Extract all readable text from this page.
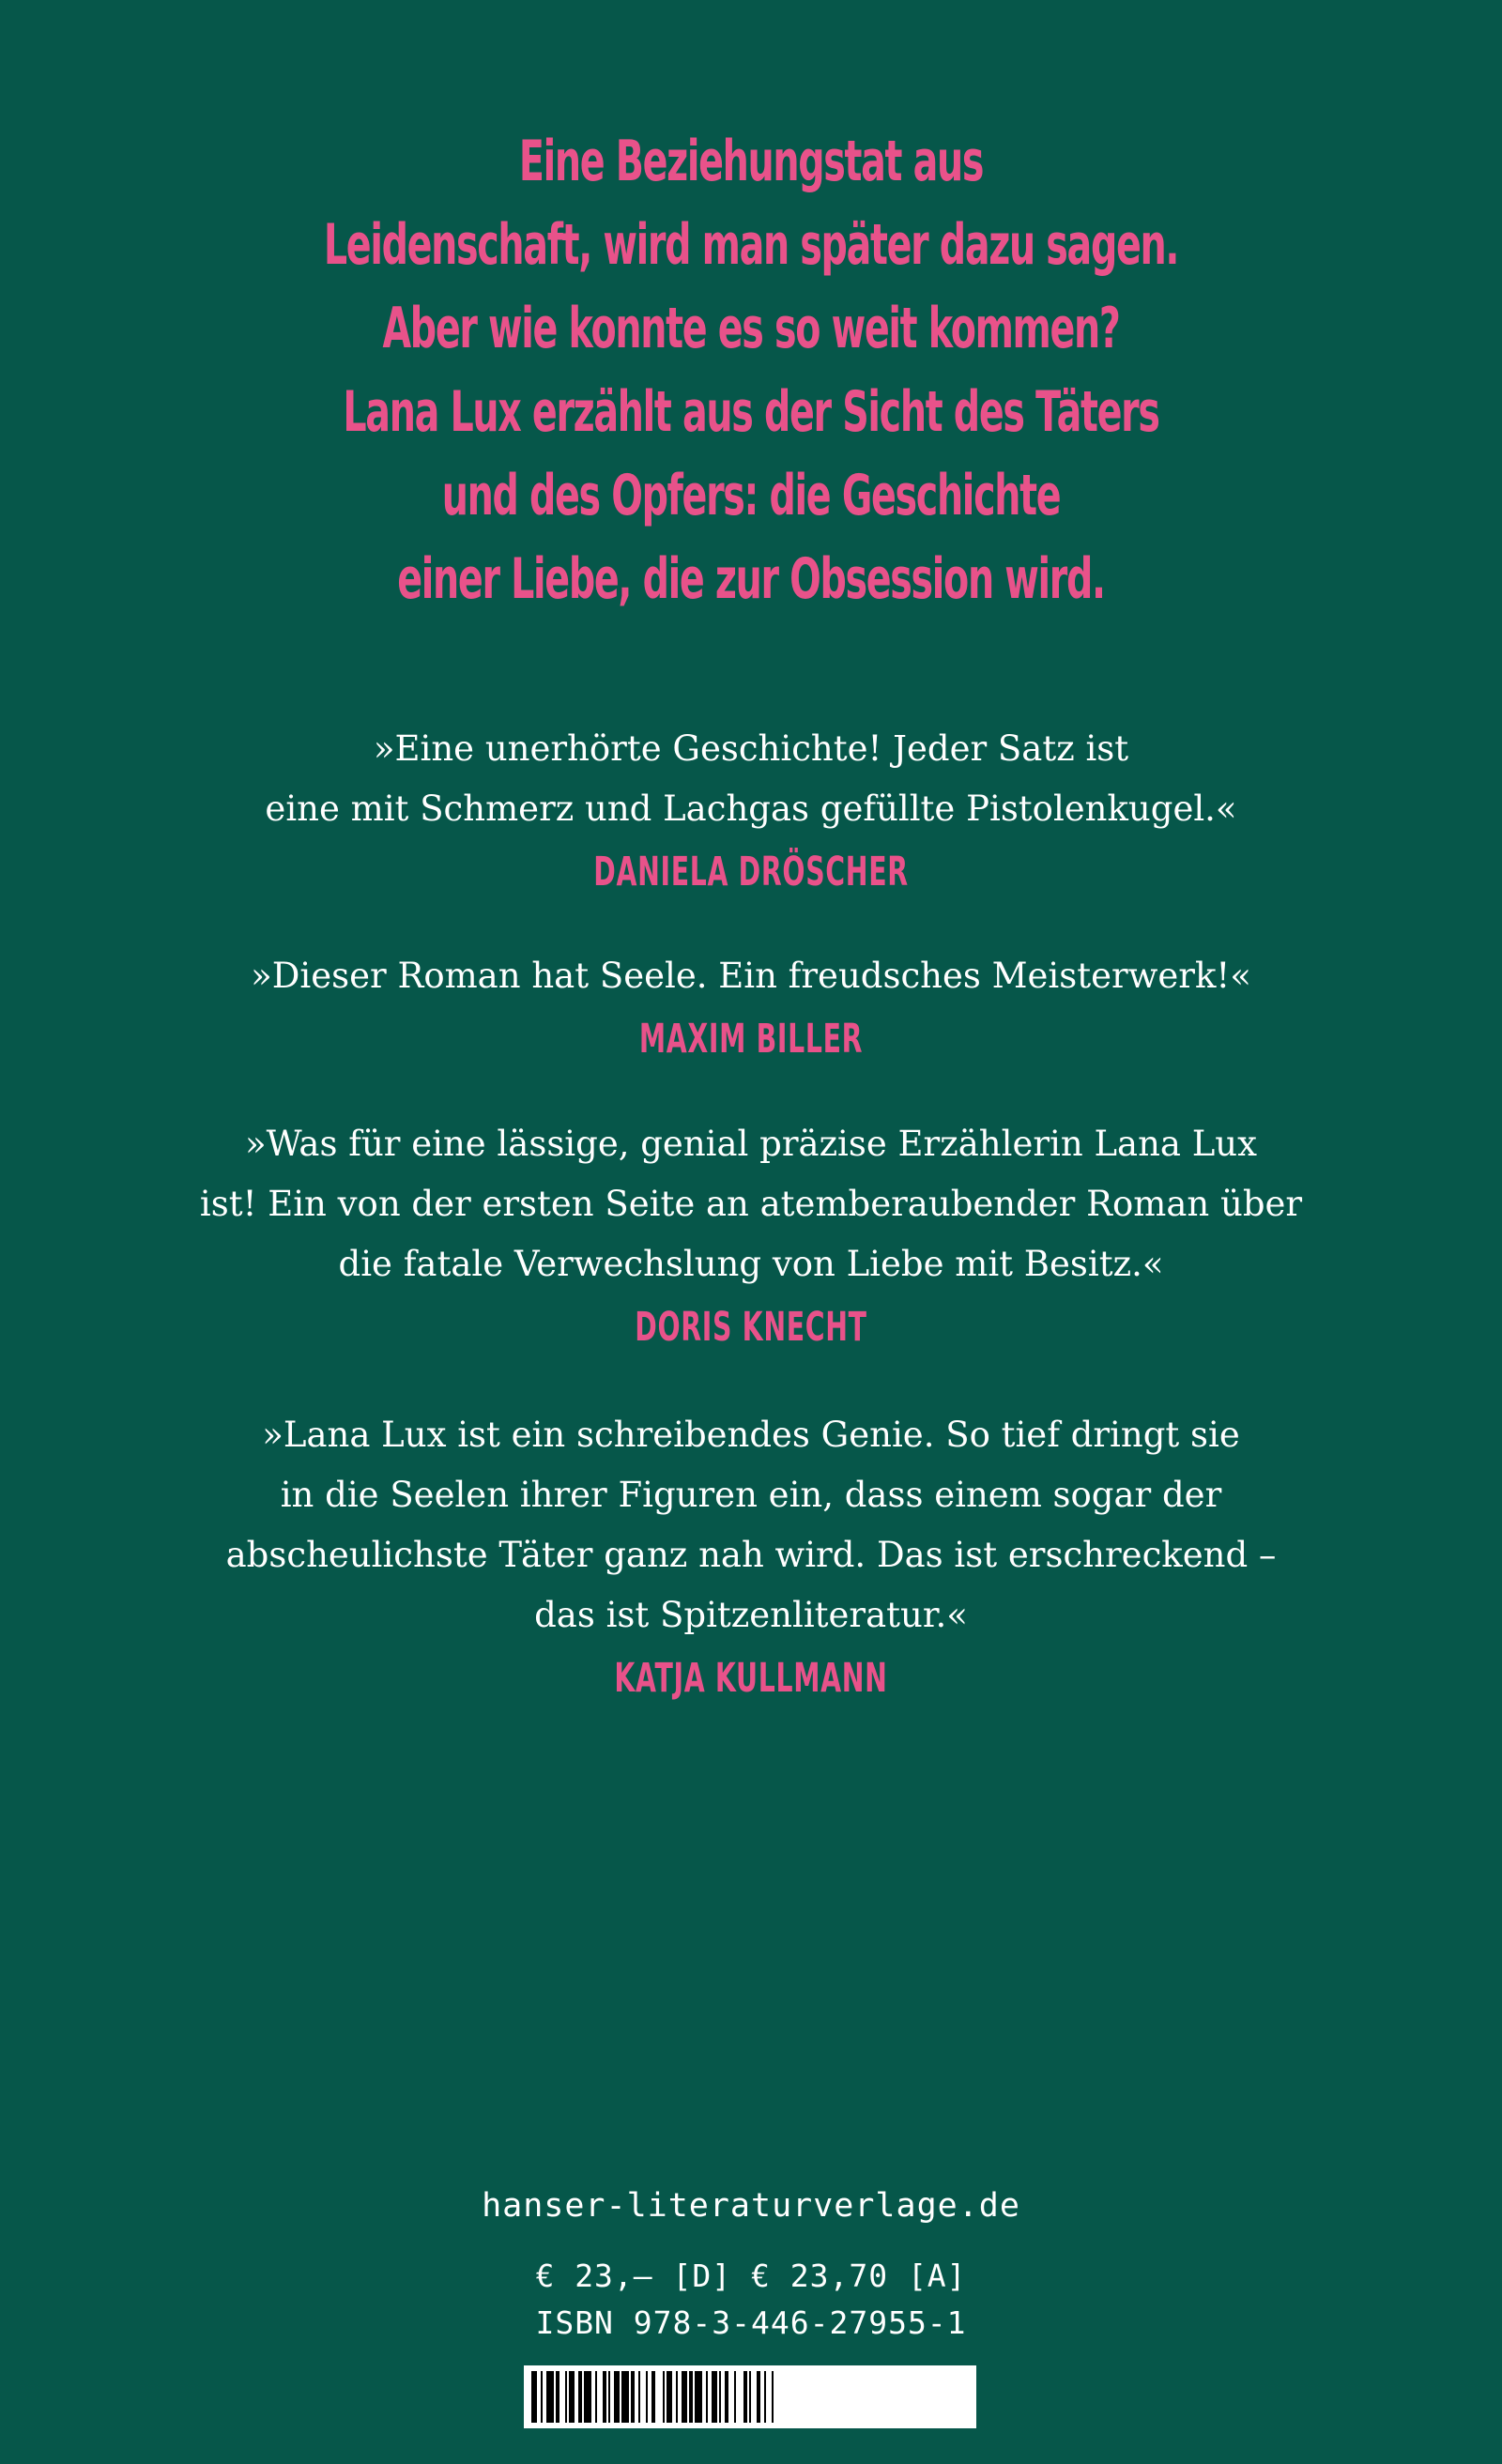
Eine Beziehungstat aus
Leidenschaft, wird man später dazu sagen.
Aber wie konnte es so weit kommen?
Lana Lux erzählt aus der Sicht des Täters
und des Opfers: die Geschichte
einer Liebe, die zur Obsession wird.
»Eine unerhörte Geschichte! Jeder Satz ist
eine mit Schmerz und Lachgas gefüllte Pistolenkugel.«
DANIELA DRÖSCHER
»Dieser Roman hat Seele. Ein freudsches Meisterwerk!«
MAXIM BILLER
»Was für eine lässige, genial präzise Erzählerin Lana Lux
ist! Ein von der ersten Seite an atemberaubender Roman über
die fatale Verwechslung von Liebe mit Besitz.«
DORIS KNECHT
»Lana Lux ist ein schreibendes Genie. So tief dringt sie
in die Seelen ihrer Figuren ein, dass einem sogar der
abscheulichste Täter ganz nah wird. Das ist erschreckend –
das ist Spitzenliteratur.«
KATJA KULLMANN
hanser-literaturverlage.de
€ 23,– [D] € 23,70 [A]
ISBN 978-3-446-27955-1
